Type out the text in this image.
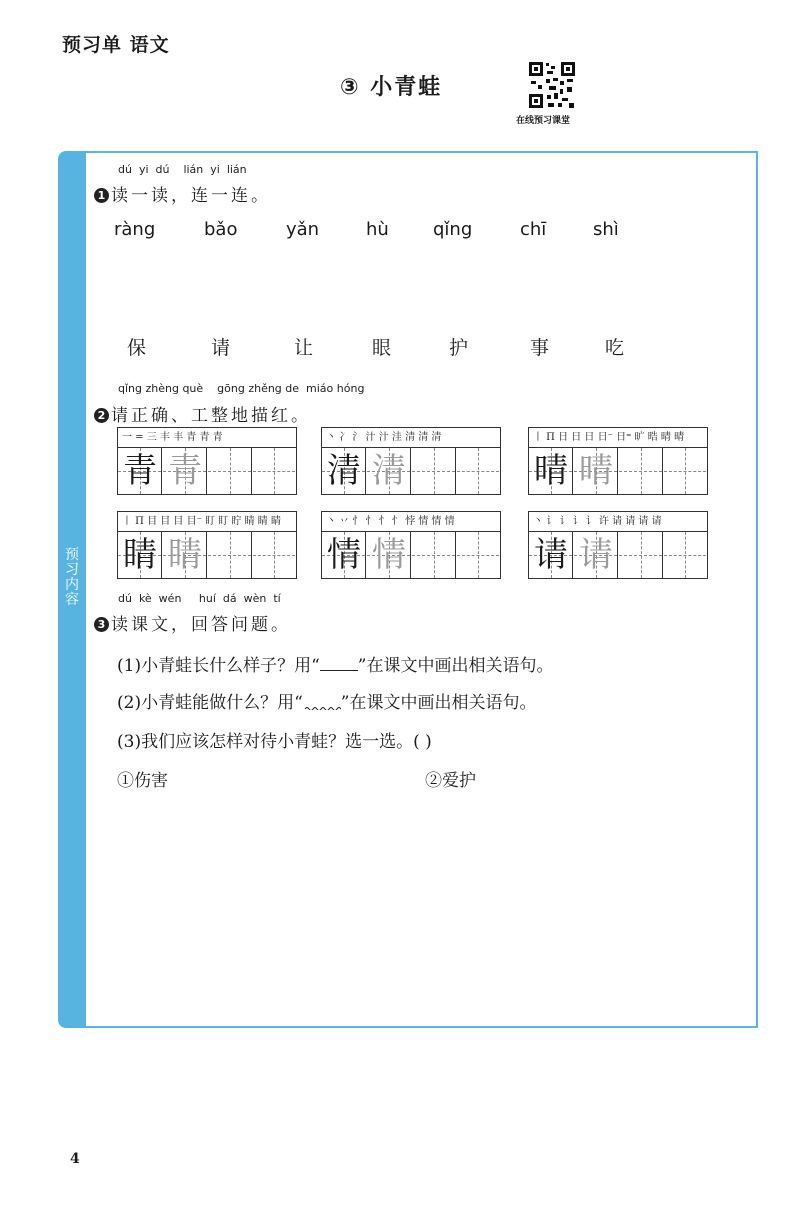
预习单 语文
③ 小青蛙
在线预习课堂
预习内容
dú  yi  dú    lián  yi  lián
1 读一读，连一连。
ràng	bǎo	yǎn	hù qǐng	chī	shì
保	请	让	眼	护	事	吃
qǐng zhèng què    gōng zhěng de  miáo hóng
2 请正确、工整地描红。
一 = 三 丰 丰 青 青 青
青 青
丶 冫 氵 汁 汁 洼 清 清 清
清 清
丨 Π 日 日 日 日⁻ 日⁼ 旷 晧 晴 晴
晴 晴
丨 Π 目 目 目 目⁻ 盯 盯 眝 睛 睛 睛
睛 睛
丶 丷 忄 忄 忄 忄 悖 情 情 情
情 情
丶 讠 讠 讠 讠 许 请 请 请 请
请 请
dú  kè  wén     huí  dá  wèn  tí
3 读课文，回答问题。
(1)小青蛙长什么样子？用“ ”在课文中画出相关语句。
(2)小青蛙能做什么？用“ ”在课文中画出相关语句。
(3)我们应该怎样对待小青蛙？选一选。( )
①伤害	②爱护
4
